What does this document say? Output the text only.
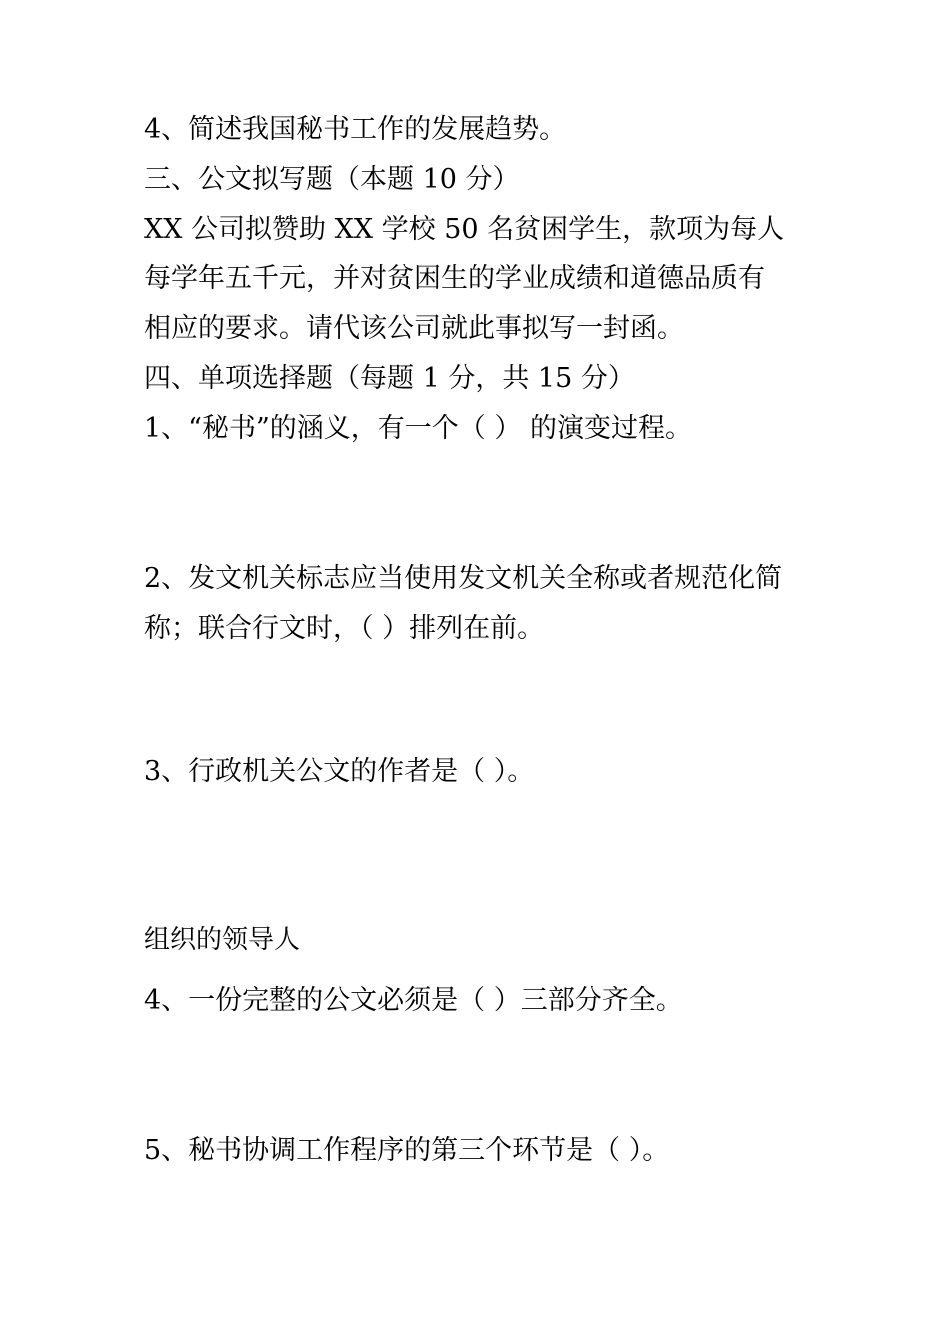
4、简述我国秘书工作的发展趋势。
三、公文拟写题（本题 10 分）
XX 公司拟赞助 XX 学校 50 名贫困学生，款项为每人
每学年五千元，并对贫困生的学业成绩和道德品质有
相应的要求。请代该公司就此事拟写一封函。
四、单项选择题（每题 1 分，共 15 分）
1、“秘书”的涵义，有一个（ ） 的演变过程。
2、发文机关标志应当使用发文机关全称或者规范化简
称；联合行文时，（ ）排列在前。
3、行政机关公文的作者是（ ）。
组织的领导人
4、一份完整的公文必须是（ ）三部分齐全。
5、秘书协调工作程序的第三个环节是（ ）。
